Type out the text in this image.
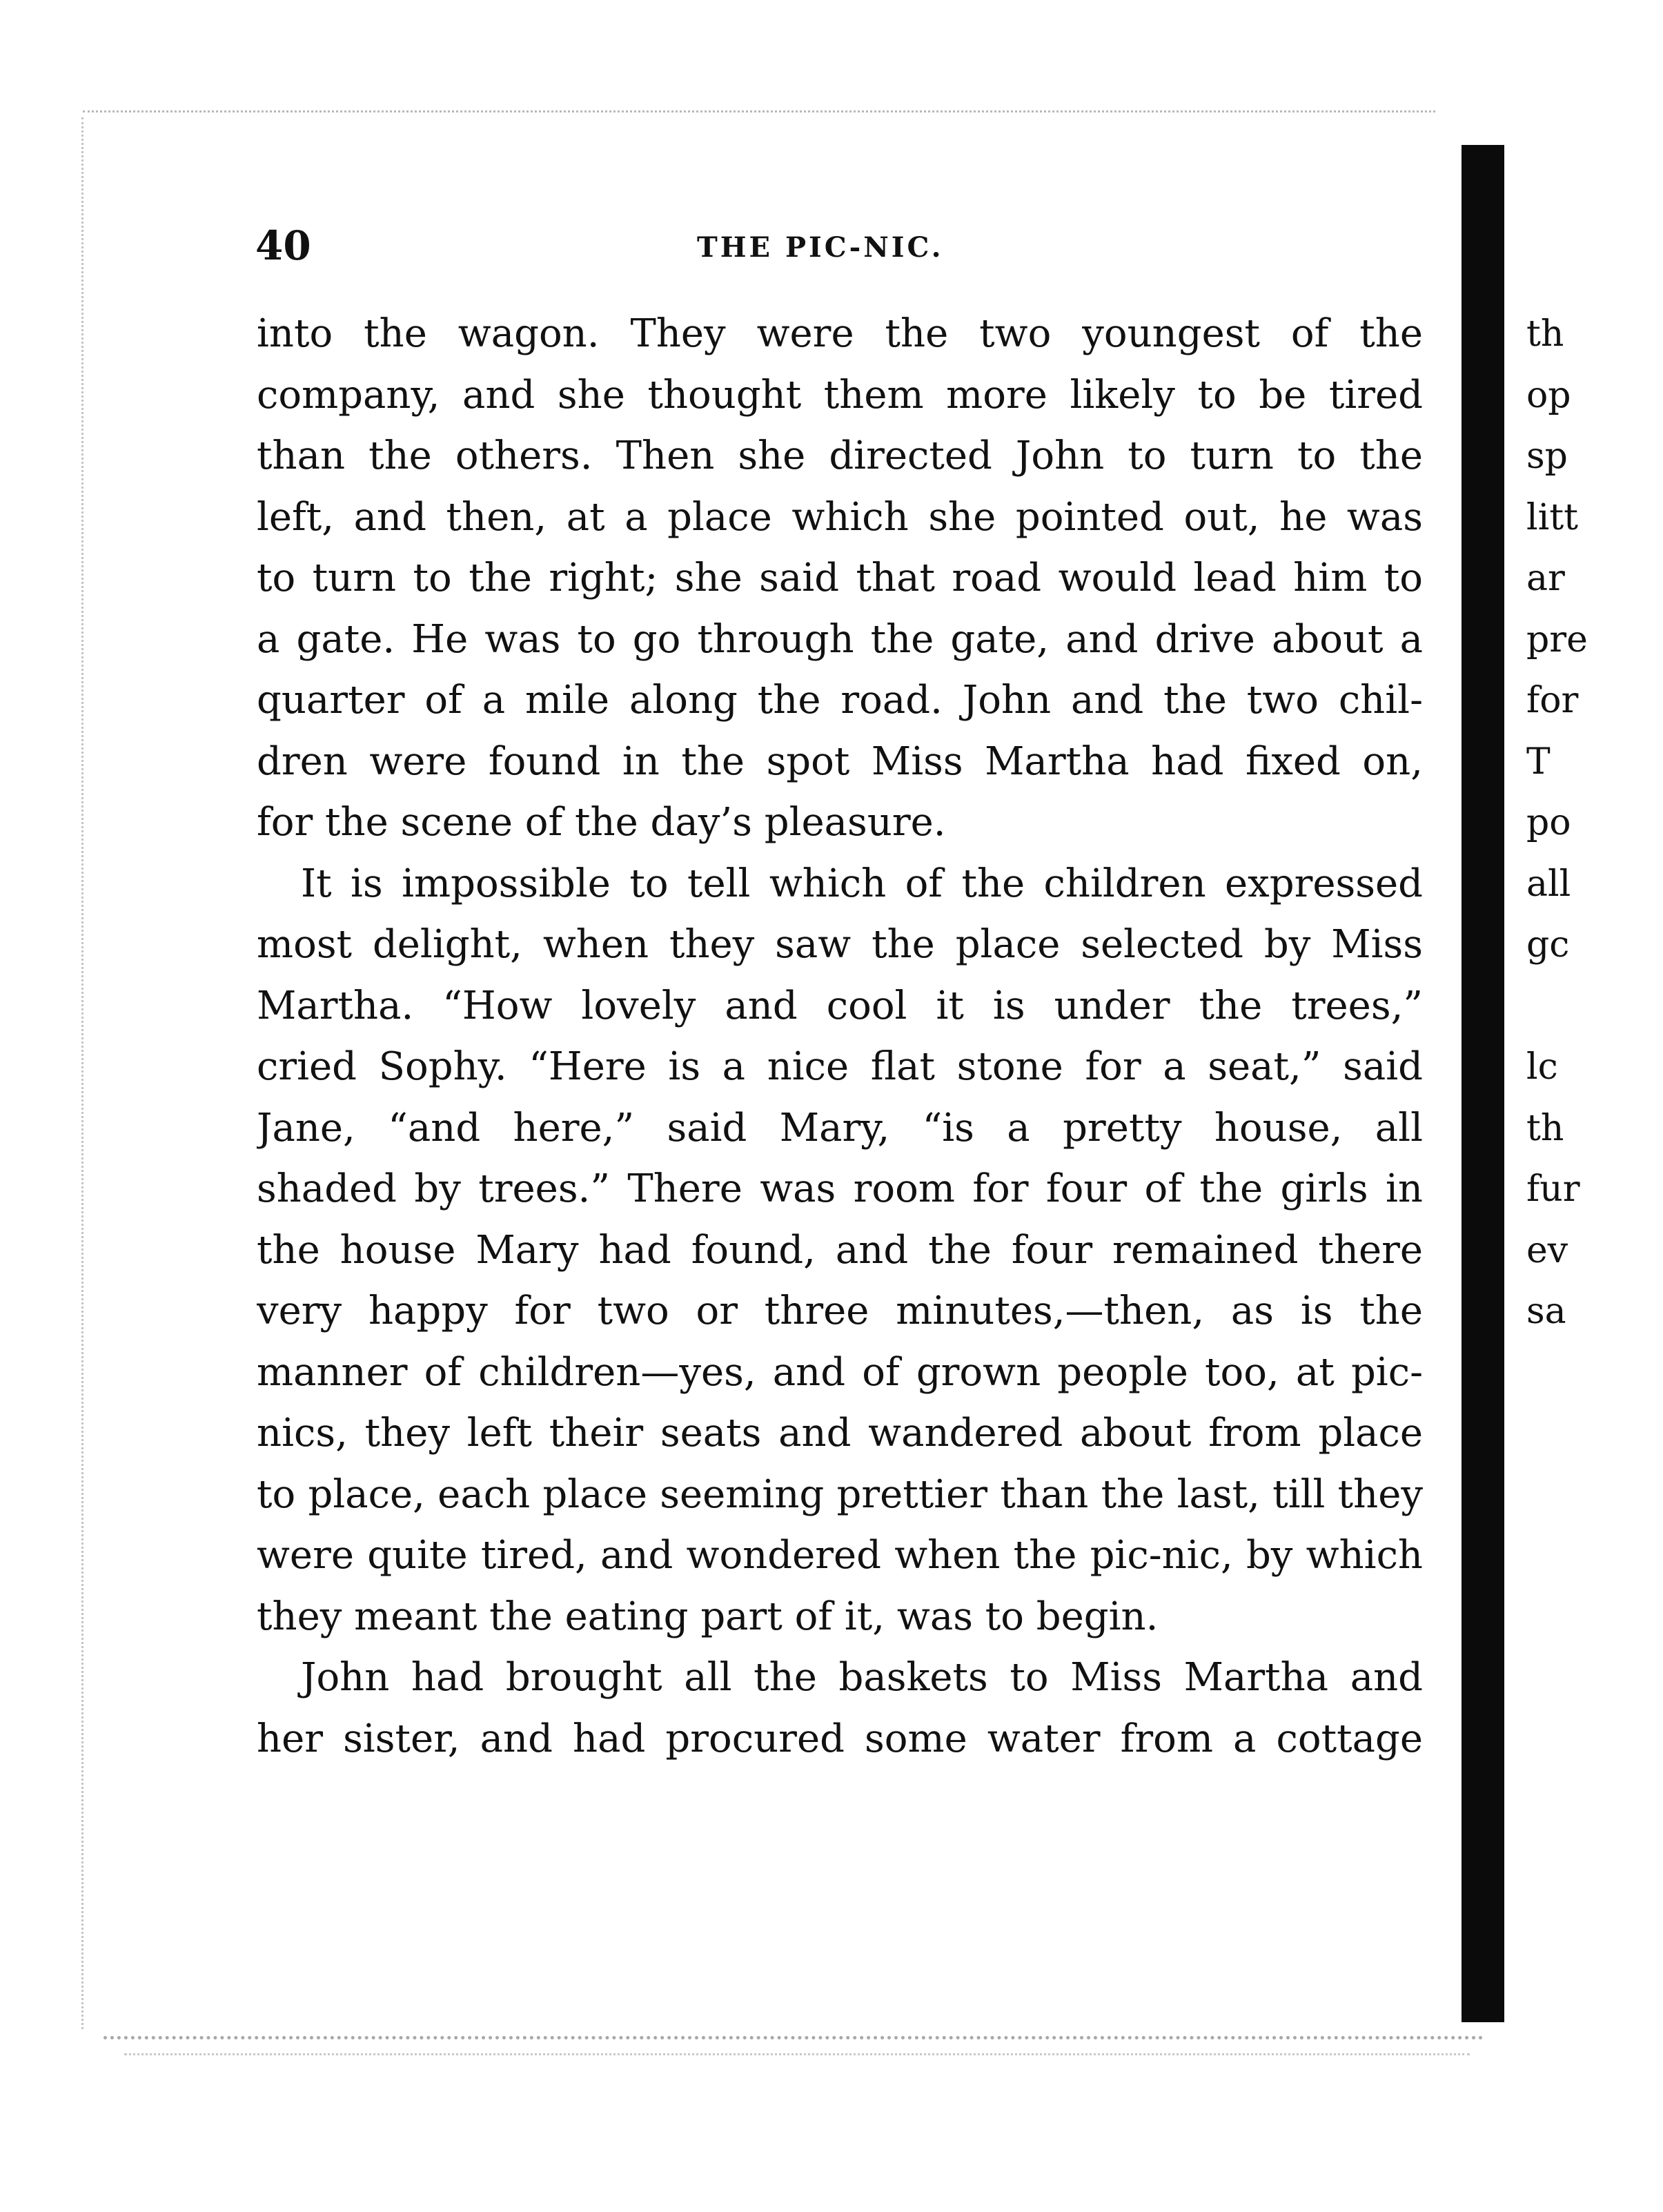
40	THE PIC-NIC.
into the wagon. They were the two youngest of the
company, and she thought them more likely to be tired
than the others. Then she directed John to turn to the
left, and then, at a place which she pointed out, he was
to turn to the right; she said that road would lead him to
a gate. He was to go through the gate, and drive about a
quarter of a mile along the road. John and the two chil-
dren were found in the spot Miss Martha had fixed on,
for the scene of the day’s pleasure.
It is impossible to tell which of the children expressed
most delight, when they saw the place selected by Miss
Martha. “How lovely and cool it is under the trees,”
cried Sophy. “Here is a nice flat stone for a seat,” said
Jane, “and here,” said Mary, “is a pretty house, all
shaded by trees.” There was room for four of the girls in
the house Mary had found, and the four remained there
very happy for two or three minutes,—then, as is the
manner of children—yes, and of grown people too, at pic-
nics, they left their seats and wandered about from place
to place, each place seeming prettier than the last, till they
were quite tired, and wondered when the pic-nic, by which
they meant the eating part of it, was to begin.
John had brought all the baskets to Miss Martha and
her sister, and had procured some water from a cottage
th
op
sp
litt
ar
pre
for
T
po
all
gc
lc
th
fur
ev
sa
